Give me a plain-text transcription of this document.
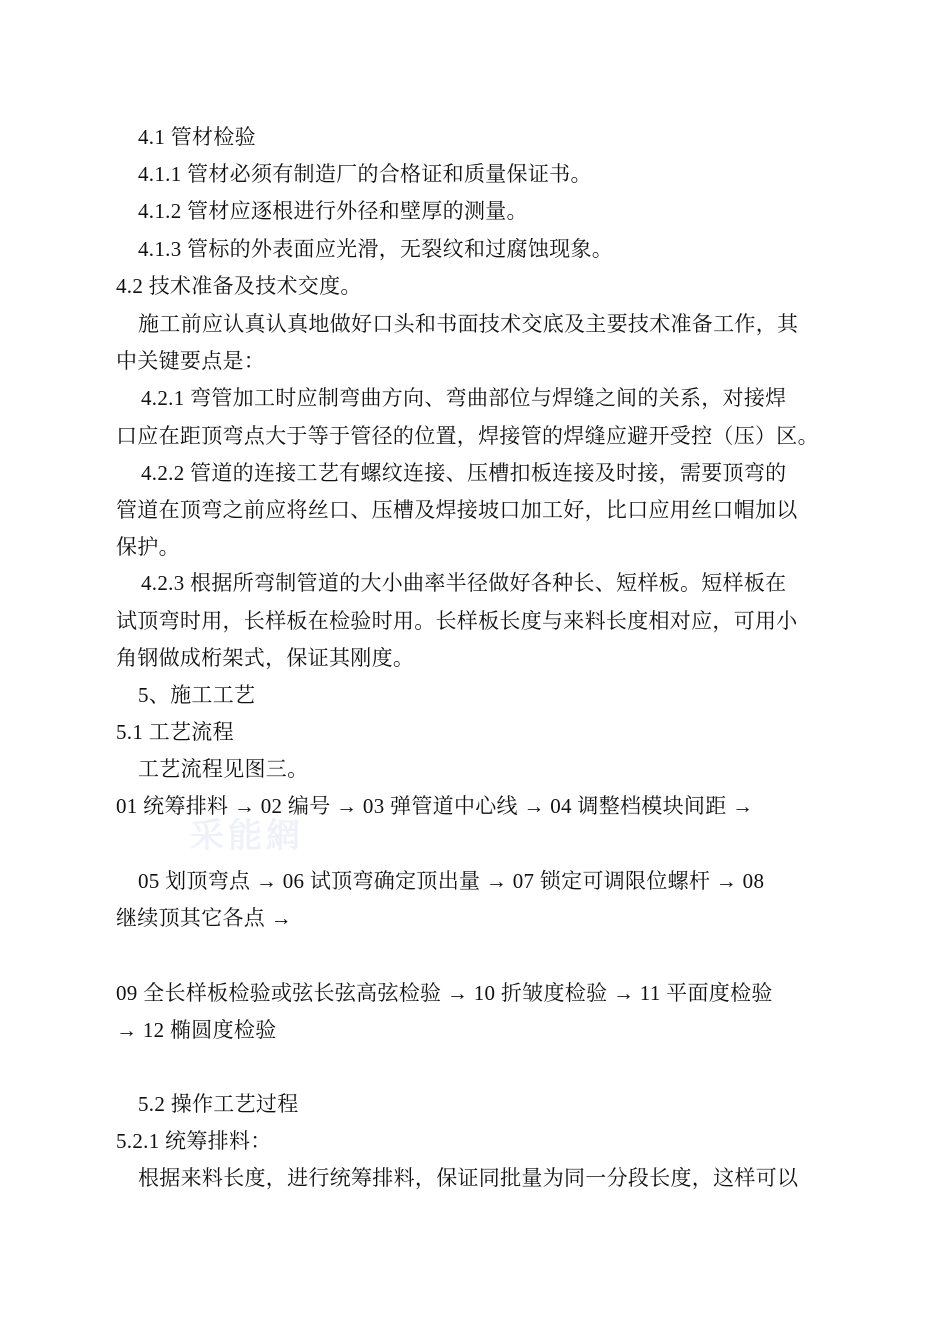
采能網
4.1 管材检验
4.1.1 管材必须有制造厂的合格证和质量保证书。
4.1.2 管材应逐根进行外径和壁厚的测量。
4.1.3 管标的外表面应光滑，无裂纹和过腐蚀现象。
4.2 技术准备及技术交度。
施工前应认真认真地做好口头和书面技术交底及主要技术准备工作，其
中关键要点是：
4.2.1 弯管加工时应制弯曲方向、弯曲部位与焊缝之间的关系，对接焊
口应在距顶弯点大于等于管径的位置，焊接管的焊缝应避开受控（压）区。
4.2.2 管道的连接工艺有螺纹连接、压槽扣板连接及时接，需要顶弯的
管道在顶弯之前应将丝口、压槽及焊接坡口加工好，比口应用丝口帽加以
保护。
4.2.3 根据所弯制管道的大小曲率半径做好各种长、短样板。短样板在
试顶弯时用，长样板在检验时用。长样板长度与来料长度相对应，可用小
角钢做成桁架式，保证其刚度。
5、施工工艺
5.1 工艺流程
工艺流程见图三。
01 统筹排料 → 02 编号 → 03 弹管道中心线 → 04 调整档模块间距 →
05 划顶弯点 → 06 试顶弯确定顶出量 → 07 锁定可调限位螺杆 → 08
继续顶其它各点 →
09 全长样板检验或弦长弦高弦检验 → 10 折皱度检验 → 11 平面度检验
→ 12 椭圆度检验
5.2 操作工艺过程
5.2.1 统筹排料：
根据来料长度，进行统筹排料，保证同批量为同一分段长度，这样可以
